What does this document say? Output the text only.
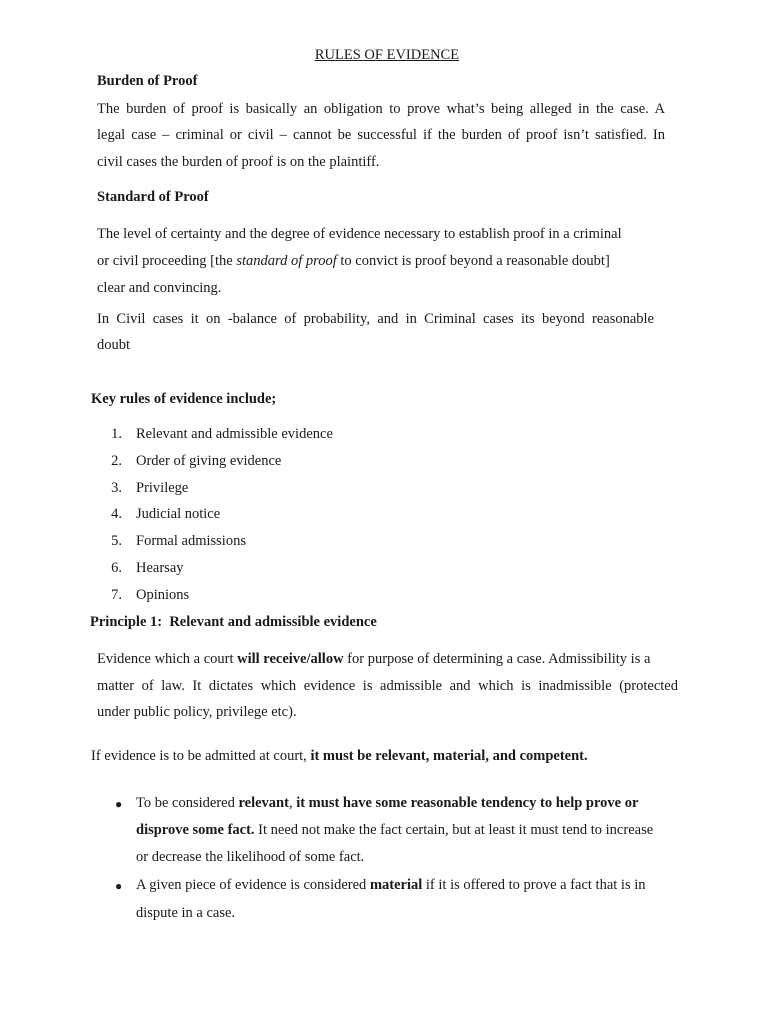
RULES OF EVIDENCE
Burden of Proof
The burden of proof is basically an obligation to prove what’s being alleged in the case. A
legal case – criminal or civil – cannot be successful if the burden of proof isn’t satisfied. In
civil cases the burden of proof is on the plaintiff.
Standard of Proof
The level of certainty and the degree of evidence necessary to establish proof in a criminal
or civil proceeding [the standard of proof to convict is proof beyond a reasonable doubt]
clear and convincing.
In Civil cases it on -balance of probability, and in Criminal cases its beyond reasonable
doubt
Key rules of evidence include;
1. Relevant and admissible evidence
2. Order of giving evidence
3. Privilege
4. Judicial notice
5. Formal admissions
6. Hearsay
7. Opinions
Principle 1:  Relevant and admissible evidence
Evidence which a court will receive/allow for purpose of determining a case. Admissibility is a
matter of law. It dictates which evidence is admissible and which is inadmissible (protected
under public policy, privilege etc).
If evidence is to be admitted at court, it must be relevant, material, and competent.
● To be considered relevant, it must have some reasonable tendency to help prove or
disprove some fact. It need not make the fact certain, but at least it must tend to increase
or decrease the likelihood of some fact.
● A given piece of evidence is considered material if it is offered to prove a fact that is in
dispute in a case.
